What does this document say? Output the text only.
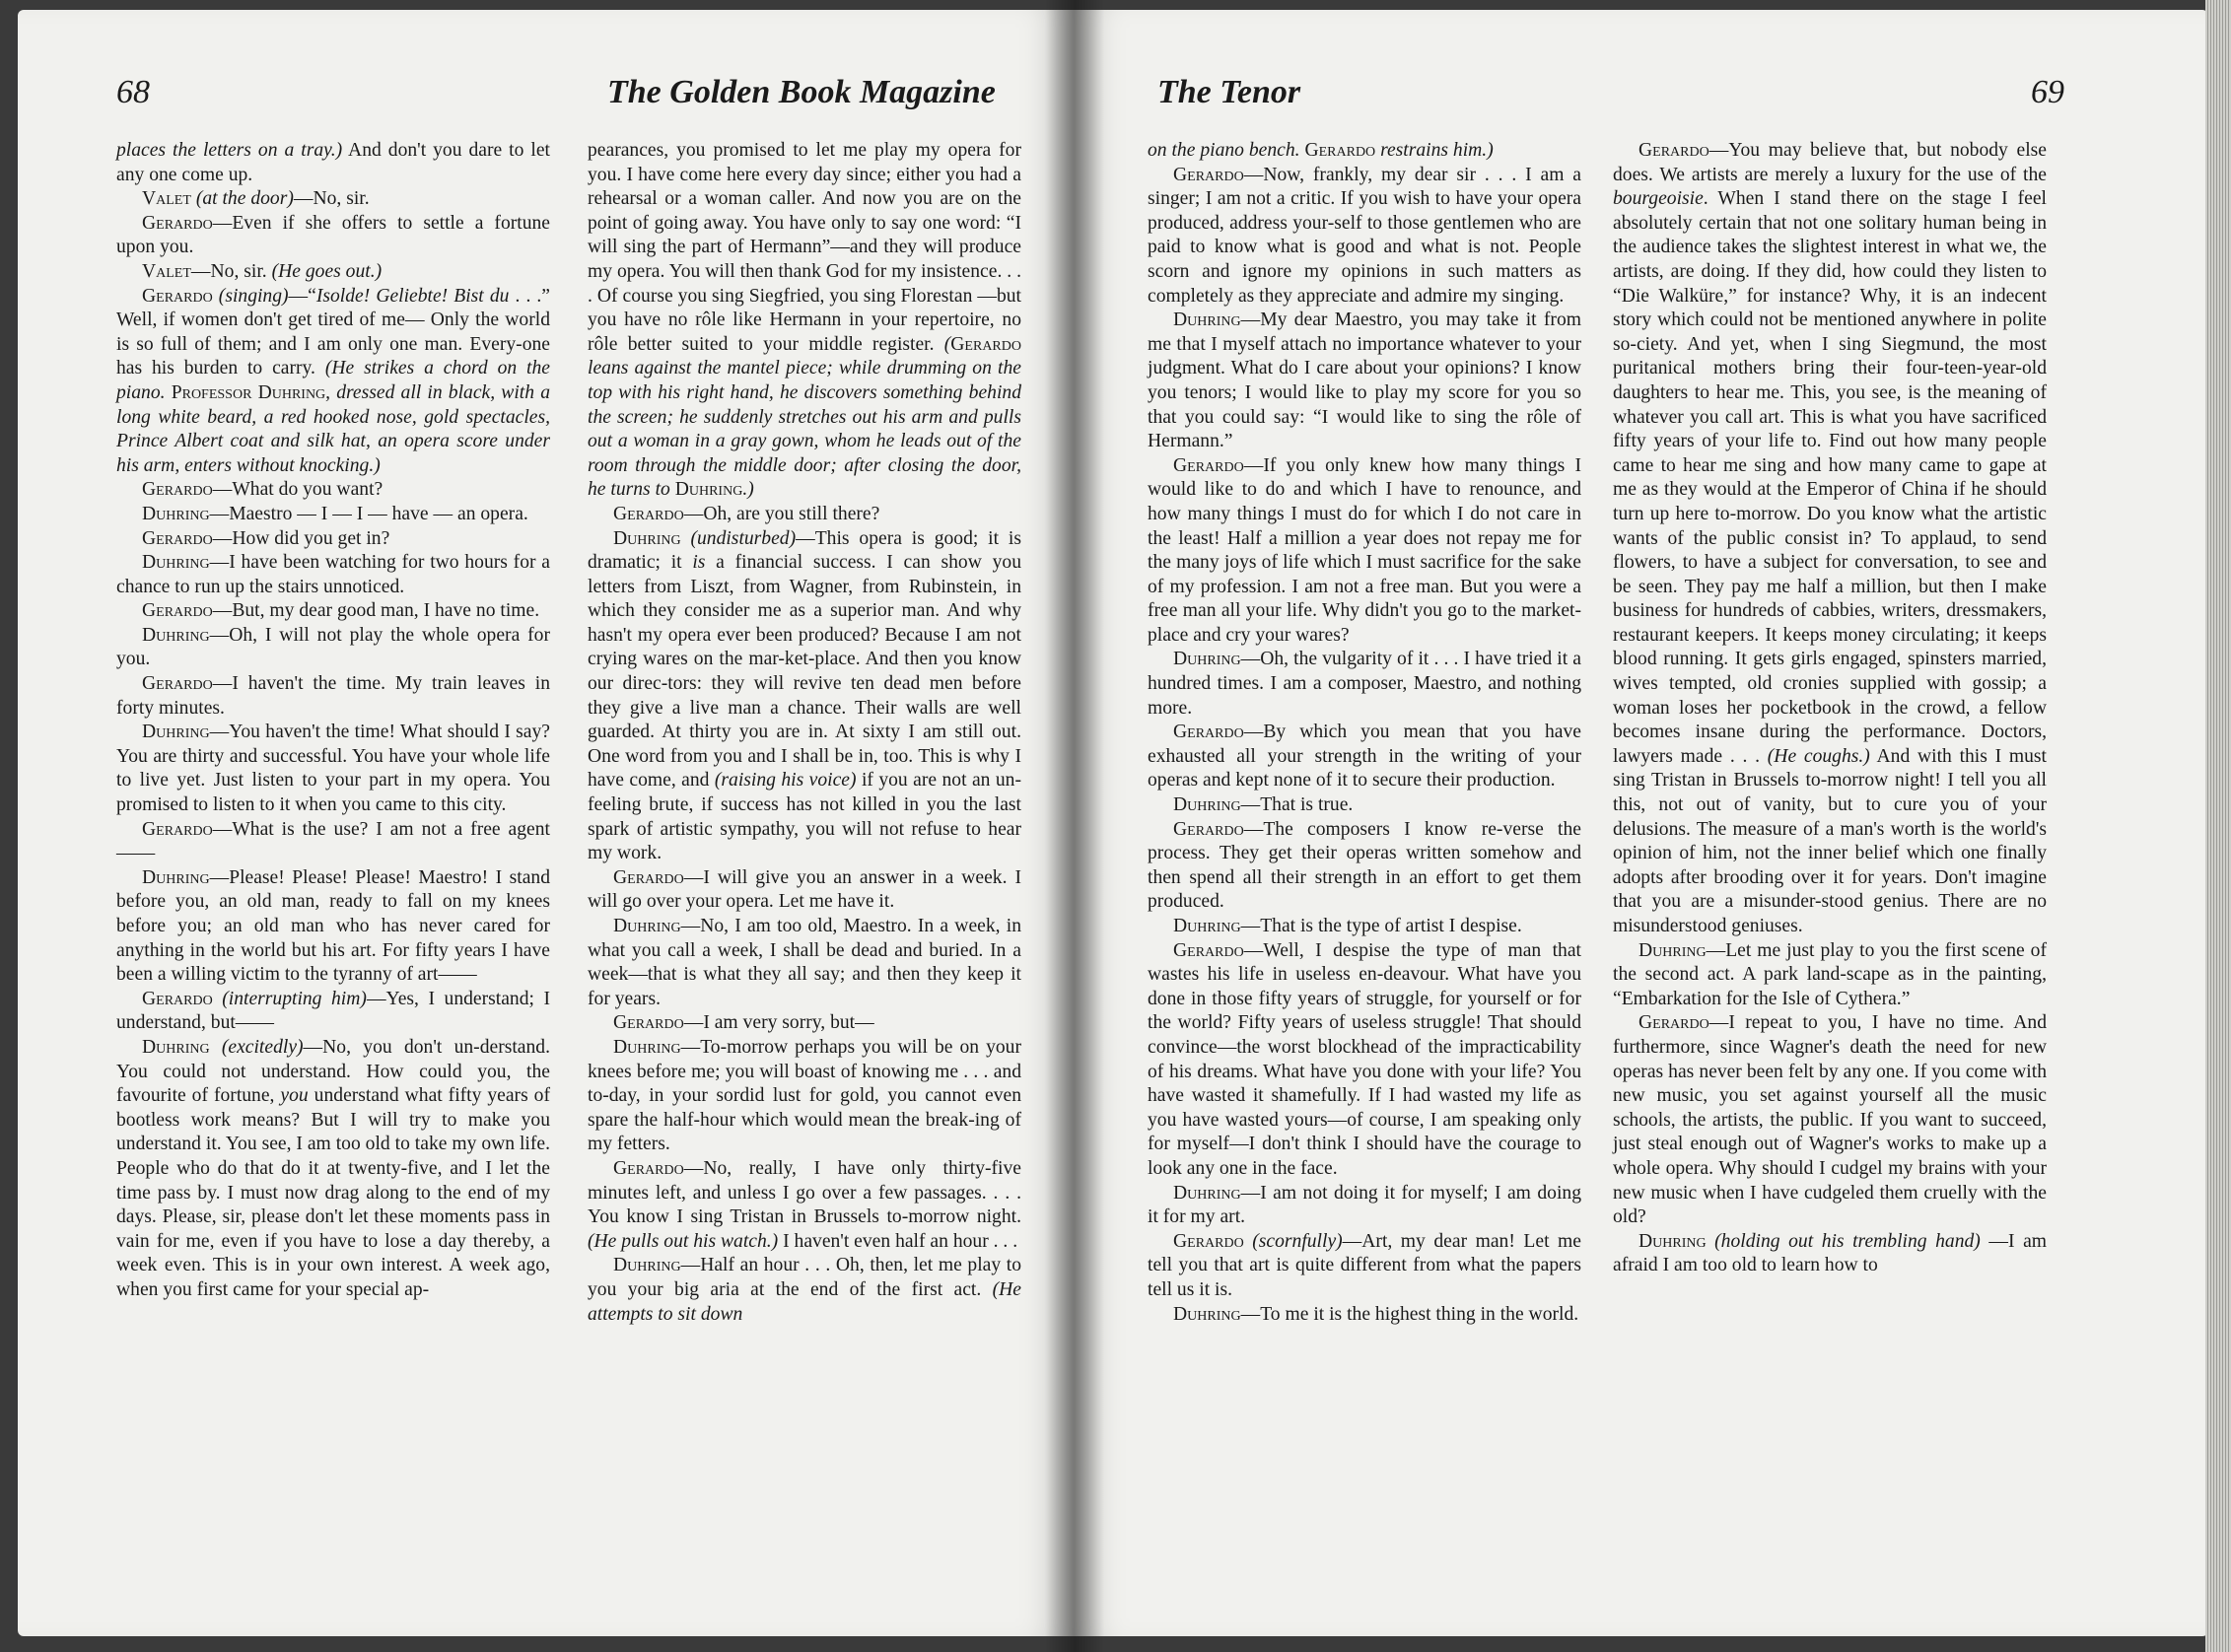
68	The Golden Book Magazine

places the letters on a tray.) And don't you dare to let any one come up.

Valet (at the door)—No, sir.

Gerardo—Even if she offers to settle a fortune upon you.

Valet—No, sir. (He goes out.)

Gerardo (singing)—“Isolde! Geliebte! Bist du . . .” Well, if women don't get tired of me— Only the world is so full of them; and I am only one man. Every-one has his burden to carry. (He strikes a chord on the piano. Professor Duhring, dressed all in black, with a long white beard, a red hooked nose, gold spectacles, Prince Albert coat and silk hat, an opera score under his arm, enters without knocking.)

Gerardo—What do you want?

Duhring—Maestro — I — I — have — an opera.

Gerardo—How did you get in?

Duhring—I have been watching for two hours for a chance to run up the stairs unnoticed.

Gerardo—But, my dear good man, I have no time.

Duhring—Oh, I will not play the whole opera for you.

Gerardo—I haven't the time. My train leaves in forty minutes.

Duhring—You haven't the time! What should I say? You are thirty and successful. You have your whole life to live yet. Just listen to your part in my opera. You promised to listen to it when you came to this city.

Gerardo—What is the use? I am not a free agent——

Duhring—Please! Please! Please! Maestro! I stand before you, an old man, ready to fall on my knees before you; an old man who has never cared for anything in the world but his art. For fifty years I have been a willing victim to the tyranny of art——

Gerardo (interrupting him)—Yes, I understand; I understand, but——

Duhring (excitedly)—No, you don't un-derstand. You could not understand. How could you, the favourite of fortune, you understand what fifty years of bootless work means? But I will try to make you understand it. You see, I am too old to take my own life. People who do that do it at twenty-five, and I let the time pass by. I must now drag along to the end of my days. Please, sir, please don't let these moments pass in vain for me, even if you have to lose a day thereby, a week even. This is in your own interest. A week ago, when you first came for your special ap-

pearances, you promised to let me play my opera for you. I have come here every day since; either you had a rehearsal or a woman caller. And now you are on the point of going away. You have only to say one word: “I will sing the part of Hermann”—and they will produce my opera. You will then thank God for my insistence. . . . Of course you sing Siegfried, you sing Florestan —but you have no rôle like Hermann in your repertoire, no rôle better suited to your middle register. (Gerardo leans against the mantel piece; while drumming on the top with his right hand, he discovers something behind the screen; he suddenly stretches out his arm and pulls out a woman in a gray gown, whom he leads out of the room through the middle door; after closing the door, he turns to Duhring.)

Gerardo—Oh, are you still there?

Duhring (undisturbed)—This opera is good; it is dramatic; it is a financial success. I can show you letters from Liszt, from Wagner, from Rubinstein, in which they consider me as a superior man. And why hasn't my opera ever been produced? Because I am not crying wares on the mar-ket-place. And then you know our direc-tors: they will revive ten dead men before they give a live man a chance. Their walls are well guarded. At thirty you are in. At sixty I am still out. One word from you and I shall be in, too. This is why I have come, and (raising his voice) if you are not an un-feeling brute, if success has not killed in you the last spark of artistic sympathy, you will not refuse to hear my work.

Gerardo—I will give you an answer in a week. I will go over your opera. Let me have it.

Duhring—No, I am too old, Maestro. In a week, in what you call a week, I shall be dead and buried. In a week—that is what they all say; and then they keep it for years.

Gerardo—I am very sorry, but—

Duhring—To-morrow perhaps you will be on your knees before me; you will boast of knowing me . . . and to-day, in your sordid lust for gold, you cannot even spare the half-hour which would mean the break-ing of my fetters.

Gerardo—No, really, I have only thirty-five minutes left, and unless I go over a few passages. . . . You know I sing Tristan in Brussels to-morrow night. (He pulls out his watch.) I haven't even half an hour . . .

Duhring—Half an hour . . . Oh, then, let me play to you your big aria at the end of the first act. (He attempts to sit down

The Tenor	69

on the piano bench. Gerardo restrains him.)

Gerardo—Now, frankly, my dear sir . . . I am a singer; I am not a critic. If you wish to have your opera produced, address your-self to those gentlemen who are paid to know what is good and what is not. People scorn and ignore my opinions in such matters as completely as they appreciate and admire my singing.

Duhring—My dear Maestro, you may take it from me that I myself attach no importance whatever to your judgment. What do I care about your opinions? I know you tenors; I would like to play my score for you so that you could say: “I would like to sing the rôle of Hermann.”

Gerardo—If you only knew how many things I would like to do and which I have to renounce, and how many things I must do for which I do not care in the least! Half a million a year does not repay me for the many joys of life which I must sacrifice for the sake of my profession. I am not a free man. But you were a free man all your life. Why didn't you go to the market-place and cry your wares?

Duhring—Oh, the vulgarity of it . . . I have tried it a hundred times. I am a composer, Maestro, and nothing more.

Gerardo—By which you mean that you have exhausted all your strength in the writing of your operas and kept none of it to secure their production.

Duhring—That is true.

Gerardo—The composers I know re-verse the process. They get their operas written somehow and then spend all their strength in an effort to get them produced.

Duhring—That is the type of artist I despise.

Gerardo—Well, I despise the type of man that wastes his life in useless en-deavour. What have you done in those fifty years of struggle, for yourself or for the world? Fifty years of useless struggle! That should convince—the worst blockhead of the impracticability of his dreams. What have you done with your life? You have wasted it shamefully. If I had wasted my life as you have wasted yours—of course, I am speaking only for myself—I don't think I should have the courage to look any one in the face.

Duhring—I am not doing it for myself; I am doing it for my art.

Gerardo (scornfully)—Art, my dear man! Let me tell you that art is quite different from what the papers tell us it is.

Duhring—To me it is the highest thing in the world.

Gerardo—You may believe that, but nobody else does. We artists are merely a luxury for the use of the bourgeoisie. When I stand there on the stage I feel absolutely certain that not one solitary human being in the audience takes the slightest interest in what we, the artists, are doing. If they did, how could they listen to “Die Walküre,” for instance? Why, it is an indecent story which could not be mentioned anywhere in polite so-ciety. And yet, when I sing Siegmund, the most puritanical mothers bring their four-teen-year-old daughters to hear me. This, you see, is the meaning of whatever you call art. This is what you have sacrificed fifty years of your life to. Find out how many people came to hear me sing and how many came to gape at me as they would at the Emperor of China if he should turn up here to-morrow. Do you know what the artistic wants of the public consist in? To applaud, to send flowers, to have a subject for conversation, to see and be seen. They pay me half a million, but then I make business for hundreds of cabbies, writers, dressmakers, restaurant keepers. It keeps money circulating; it keeps blood running. It gets girls engaged, spinsters married, wives tempted, old cronies supplied with gossip; a woman loses her pocketbook in the crowd, a fellow becomes insane during the performance. Doctors, lawyers made . . . (He coughs.) And with this I must sing Tristan in Brussels to-morrow night! I tell you all this, not out of vanity, but to cure you of your delusions. The measure of a man's worth is the world's opinion of him, not the inner belief which one finally adopts after brooding over it for years. Don't imagine that you are a misunder-stood genius. There are no misunderstood geniuses.

Duhring—Let me just play to you the first scene of the second act. A park land-scape as in the painting, “Embarkation for the Isle of Cythera.”

Gerardo—I repeat to you, I have no time. And furthermore, since Wagner's death the need for new operas has never been felt by any one. If you come with new music, you set against yourself all the music schools, the artists, the public. If you want to succeed, just steal enough out of Wagner's works to make up a whole opera. Why should I cudgel my brains with your new music when I have cudgeled them cruelly with the old?

Duhring (holding out his trembling hand) —I am afraid I am too old to learn how to
